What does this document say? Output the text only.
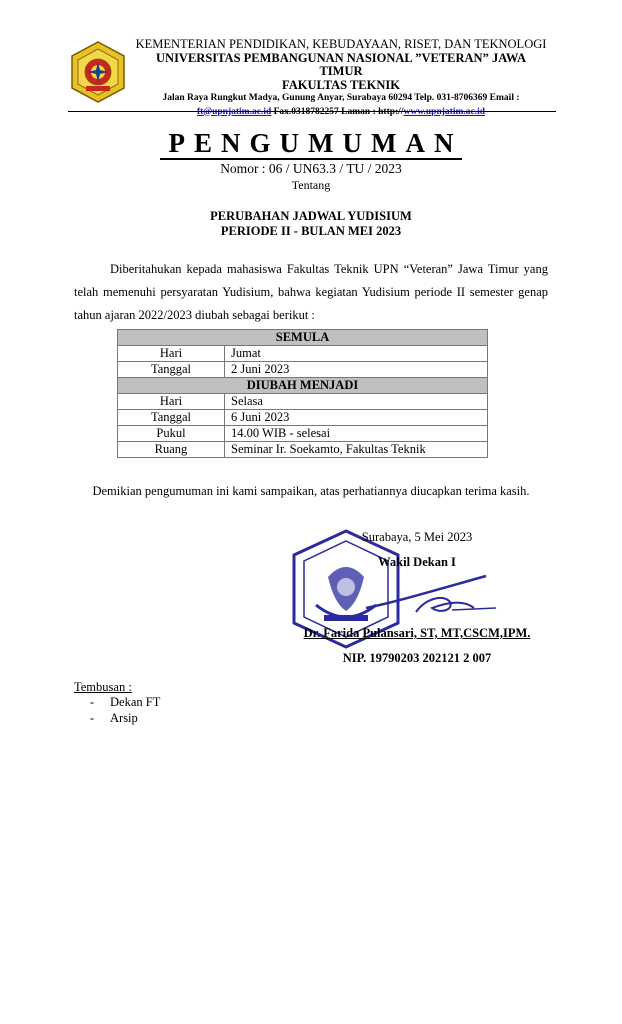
KEMENTERIAN PENDIDIKAN, KEBUDAYAAN, RISET, DAN TEKNOLOGI
UNIVERSITAS PEMBANGUNAN NASIONAL ”VETERAN” JAWA TIMUR
FAKULTAS TEKNIK
Jalan Raya Rungkut Madya, Gunung Anyar, Surabaya 60294 Telp. 031-8706369 Email :
ft@upnjatim.ac.id Fax.0318782257 Laman : http://www.upnjatim.ac.id
PENGUMUMAN
Nomor : 06 / UN63.3 / TU / 2023
Tentang
PERUBAHAN JADWAL YUDISIUM
PERIODE II - BULAN MEI 2023
Diberitahukan kepada mahasiswa Fakultas Teknik UPN “Veteran” Jawa Timur yang telah memenuhi persyaratan Yudisium, bahwa kegiatan Yudisium periode II semester genap tahun ajaran 2022/2023 diubah sebagai berikut :
SEMULA	
Hari	Jumat
Tanggal	2 Juni 2023
DIUBAH MENJADI	
Hari	Selasa
Tanggal	6 Juni 2023
Pukul	14.00 WIB - selesai
Ruang	Seminar Ir. Soekamto, Fakultas Teknik
Demikian pengumuman ini kami sampaikan, atas perhatiannya diucapkan terima kasih.
Surabaya, 5 Mei 2023
Wakil Dekan I
Dr. Farida Pulansari, ST, MT,CSCM,IPM.
NIP. 19790203 202121 2 007
Tembusan :
- Dekan FT
- Arsip
